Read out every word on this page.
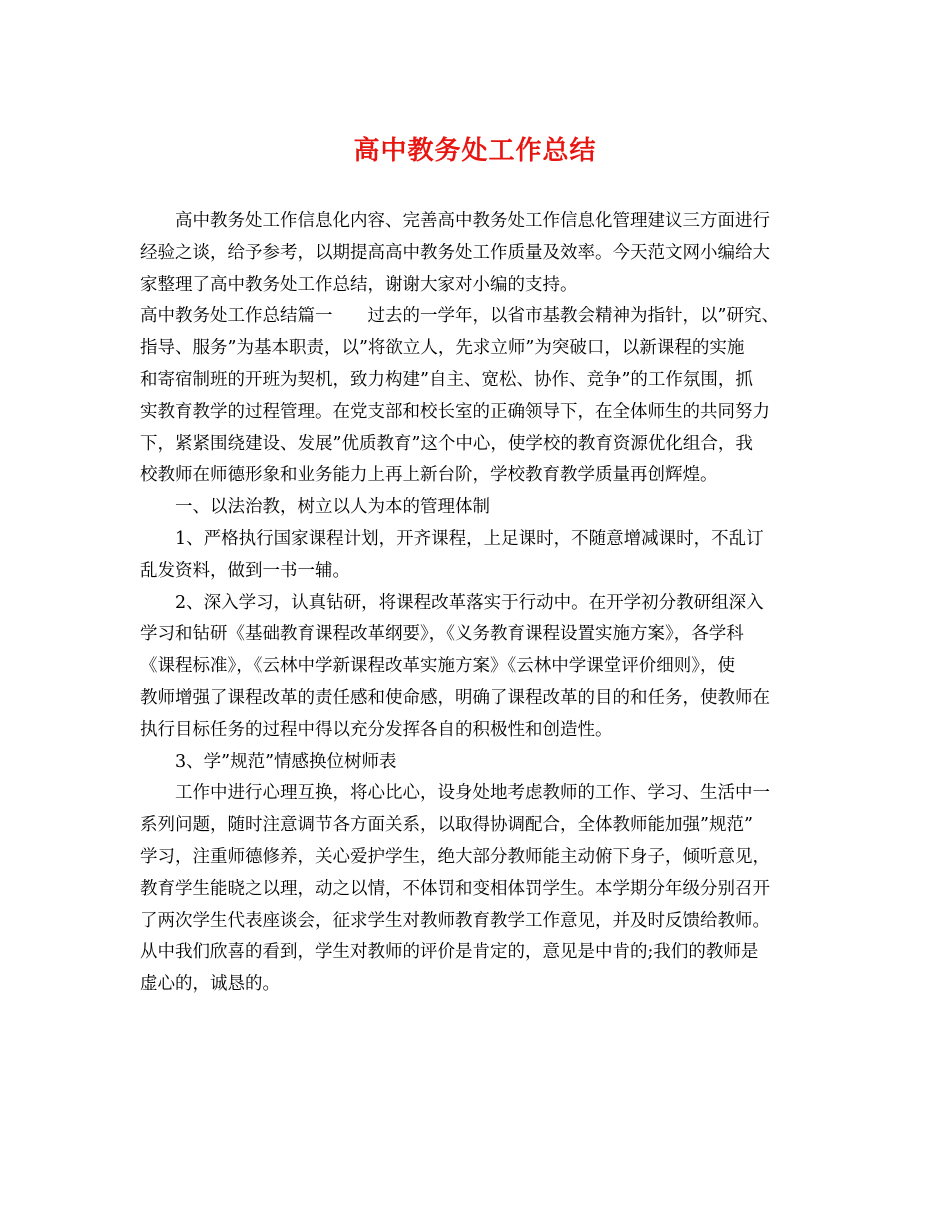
高中教务处工作总结
高中教务处工作信息化内容、完善高中教务处工作信息化管理建议三方面进行
经验之谈，给予参考，以期提高高中教务处工作质量及效率。今天范文网小编给大
家整理了高中教务处工作总结，谢谢大家对小编的支持。
高中教务处工作总结篇一　　过去的一学年，以省市基教会精神为指针，以”研究、
指导、服务”为基本职责，以”将欲立人，先求立师”为突破口，以新课程的实施
和寄宿制班的开班为契机，致力构建”自主、宽松、协作、竞争”的工作氛围，抓
实教育教学的过程管理。在党支部和校长室的正确领导下，在全体师生的共同努力
下，紧紧围绕建设、发展”优质教育”这个中心，使学校的教育资源优化组合，我
校教师在师德形象和业务能力上再上新台阶，学校教育教学质量再创辉煌。
一、以法治教，树立以人为本的管理体制
1、严格执行国家课程计划，开齐课程，上足课时，不随意增减课时，不乱订
乱发资料，做到一书一辅。
2、深入学习，认真钻研，将课程改革落实于行动中。在开学初分教研组深入
学习和钻研《基础教育课程改革纲要》，《义务教育课程设置实施方案》，各学科
《课程标准》，《云林中学新课程改革实施方案》《云林中学课堂评价细则》，使
教师增强了课程改革的责任感和使命感，明确了课程改革的目的和任务，使教师在
执行目标任务的过程中得以充分发挥各自的积极性和创造性。
3、学”规范”情感换位树师表
工作中进行心理互换，将心比心，设身处地考虑教师的工作、学习、生活中一
系列问题，随时注意调节各方面关系，以取得协调配合，全体教师能加强”规范”
学习，注重师德修养，关心爱护学生，绝大部分教师能主动俯下身子，倾听意见，
教育学生能晓之以理，动之以情，不体罚和变相体罚学生。本学期分年级分别召开
了两次学生代表座谈会，征求学生对教师教育教学工作意见，并及时反馈给教师。
从中我们欣喜的看到，学生对教师的评价是肯定的，意见是中肯的;我们的教师是
虚心的，诚恳的。
